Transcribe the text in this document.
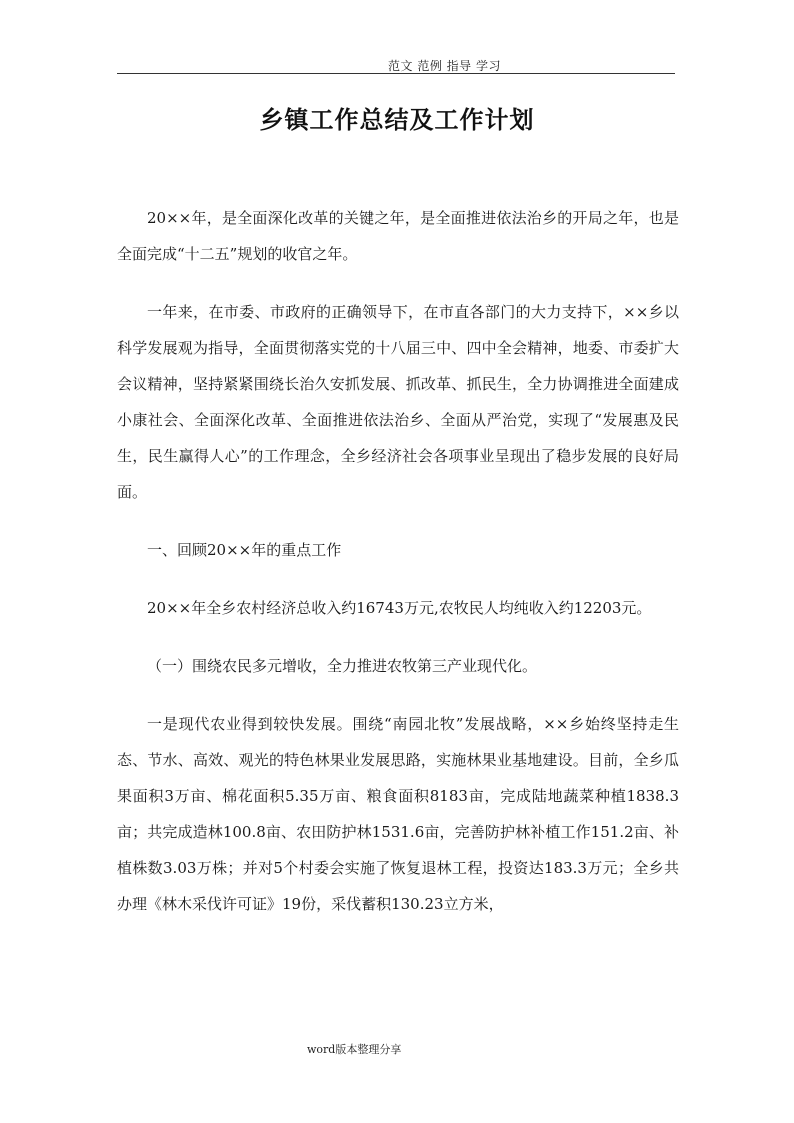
范文 范例 指导 学习
乡镇工作总结及工作计划

20××年，是全面深化改革的关键之年，是全面推进依法治乡的开局之年，也是全面完成“十二五”规划的收官之年。

一年来，在市委、市政府的正确领导下，在市直各部门的大力支持下，××乡以科学发展观为指导，全面贯彻落实党的十八届三中、四中全会精神，地委、市委扩大会议精神，坚持紧紧围绕长治久安抓发展、抓改革、抓民生，全力协调推进全面建成小康社会、全面深化改革、全面推进依法治乡、全面从严治党，实现了“发展惠及民生，民生赢得人心”的工作理念，全乡经济社会各项事业呈现出了稳步发展的良好局面。

一、回顾20××年的重点工作

20××年全乡农村经济总收入约16743万元,农牧民人均纯收入约12203元。

（一）围绕农民多元增收，全力推进农牧第三产业现代化。

一是现代农业得到较快发展。围绕“南园北牧”发展战略，××乡始终坚持走生态、节水、高效、观光的特色林果业发展思路，实施林果业基地建设。目前，全乡瓜果面积3万亩、棉花面积5.35万亩、粮食面积8183亩，完成陆地蔬菜种植1838.3亩；共完成造林100.8亩、农田防护林1531.6亩，完善防护林补植工作151.2亩、补植株数3.03万株；并对5个村委会实施了恢复退林工程，投资达183.3万元；全乡共办理《林木采伐许可证》19份，采伐蓄积130.23立方米，

word版本整理分享
